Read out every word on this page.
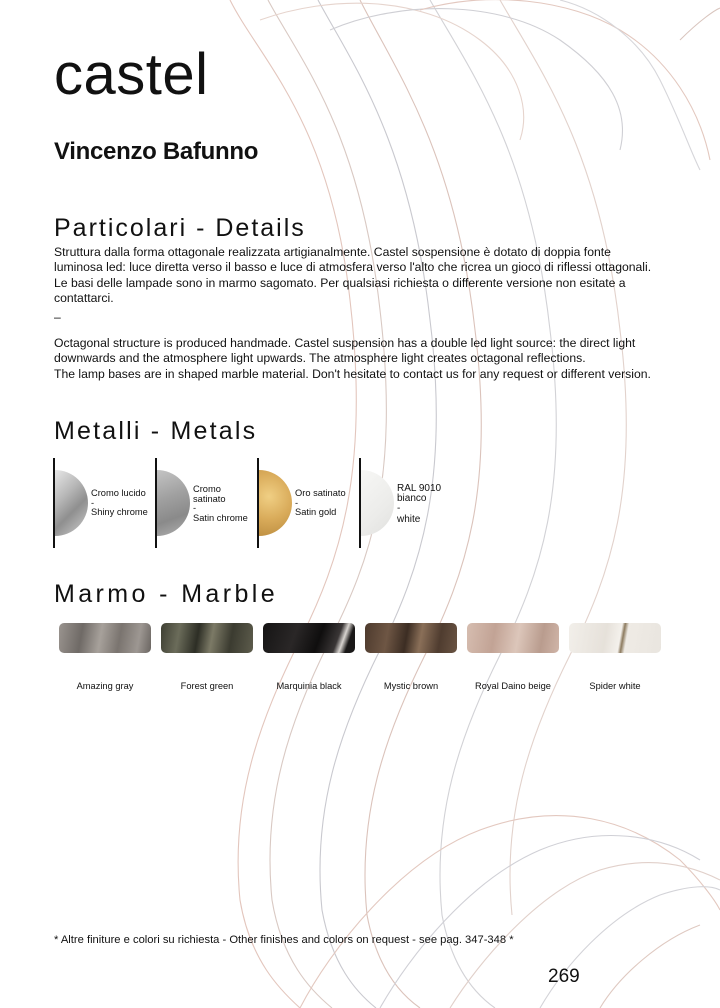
castel
Vincenzo Bafunno
Particolari - Details

Struttura dalla forma ottagonale realizzata artigianalmente. Castel sospensione è dotato di doppia fonte
luminosa led: luce diretta verso il basso e luce di atmosfera verso l'alto che ricrea un gioco di riflessi ottagonali.
Le basi delle lampade sono in marmo sagomato. Per qualsiasi richiesta o differente versione non esitate a
contattarci.

–

Octagonal structure is produced handmade. Castel suspension has a double led light source: the direct light
downwards and the atmosphere light upwards. The atmosphere light creates octagonal reflections.
The lamp bases are in shaped marble material. Don't hesitate to contact us for any request or different version.

Metalli - Metals
Cromo lucido
-
Shiny chrome
Cromo
satinato
-
Satin chrome
Oro satinato
-
Satin gold
RAL 9010
bianco
-
white
Marmo - Marble
Amazing gray	Forest green	Marquinia black	Mystic brown	Royal Daino beige	Spider white

* Altre finiture e colori su richiesta - Other finishes and colors on request - see pag. 347-348 *

269
